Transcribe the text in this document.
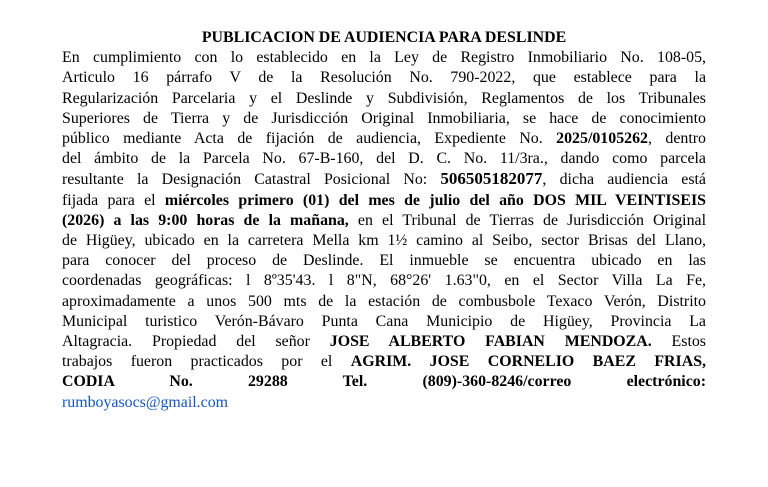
PUBLICACION DE AUDIENCIA PARA DESLINDE

En cumplimiento con lo establecido en la Ley de Registro Inmobiliario No. 108-05,
Articulo 16 párrafo V de la Resolución No. 790-2022, que establece para la
Regularización Parcelaria y el Deslinde y Subdivisión, Reglamentos de los Tribunales
Superiores de Tierra y de Jurisdicción Original Inmobiliaria, se hace de conocimiento
público mediante Acta de fijación de audiencia, Expediente No. 2025/0105262, dentro
del ámbito de la Parcela No. 67-B-160, del D. C. No. 11/3ra., dando como parcela
resultante la Designación Catastral Posicional No: 506505182077, dicha audiencia está
fijada para el miércoles primero (01) del mes de julio del año DOS MIL VEINTISEIS
(2026) a las 9:00 horas de la mañana, en el Tribunal de Tierras de Jurisdicción Original
de Higüey, ubicado en la carretera Mella km 1½ camino al Seibo, sector Brisas del Llano,
para conocer del proceso de Deslinde. El inmueble se encuentra ubicado en las
coordenadas geográficas: l 8º35'43. l 8"N, 68°26' 1.63"0, en el Sector Villa La Fe,
aproximadamente a unos 500 mts de la estación de combusbole Texaco Verón, Distrito
Municipal turistico Verón-Bávaro Punta Cana Municipio de Higüey, Provincia La
Altagracia. Propiedad del señor JOSE ALBERTO FABIAN MENDOZA. Estos
trabajos fueron practicados por el AGRIM. JOSE CORNELIO BAEZ FRIAS,
CODIA No. 29288 Tel. (809)-360-8246/correo electrónico:
rumboyasocs@gmail.com
